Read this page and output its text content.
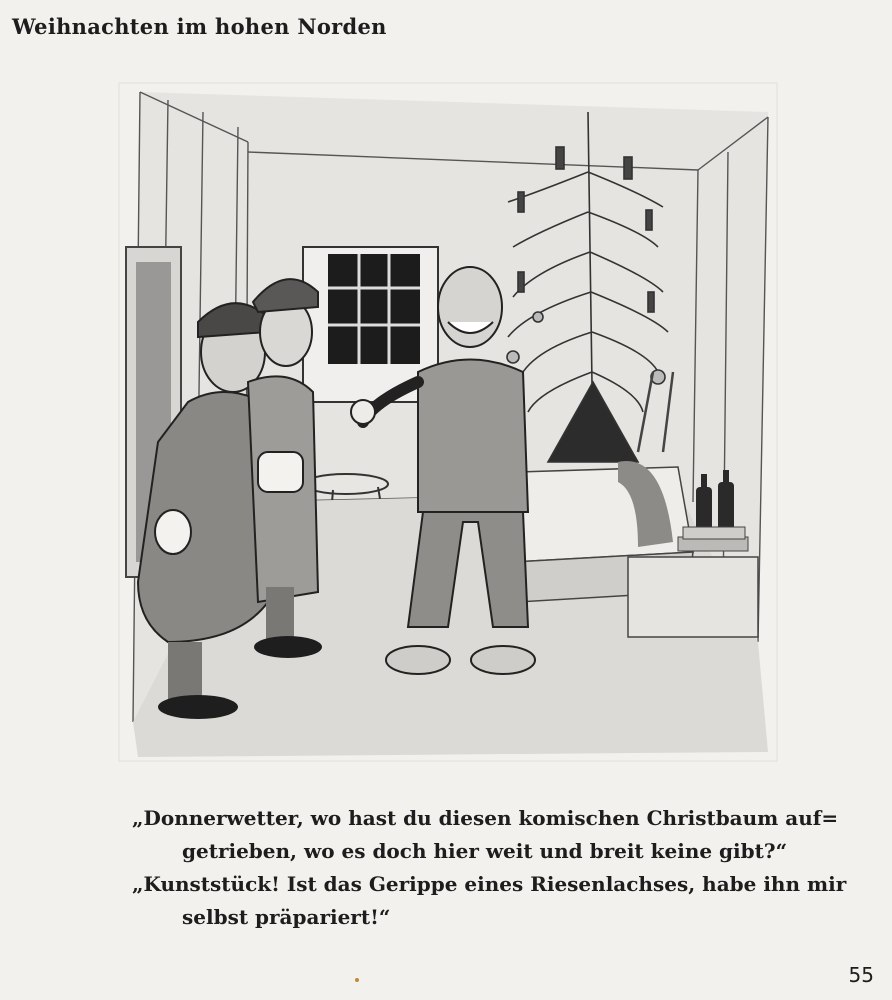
Weihnachten im hohen Norden
„Donnerwetter, wo hast du diesen komischen Christbaum auf=
getrieben, wo es doch hier weit und breit keine gibt?“
„Kunststück! Ist das Gerippe eines Riesenlachses, habe ihn mir
selbst präpariert!“
55
